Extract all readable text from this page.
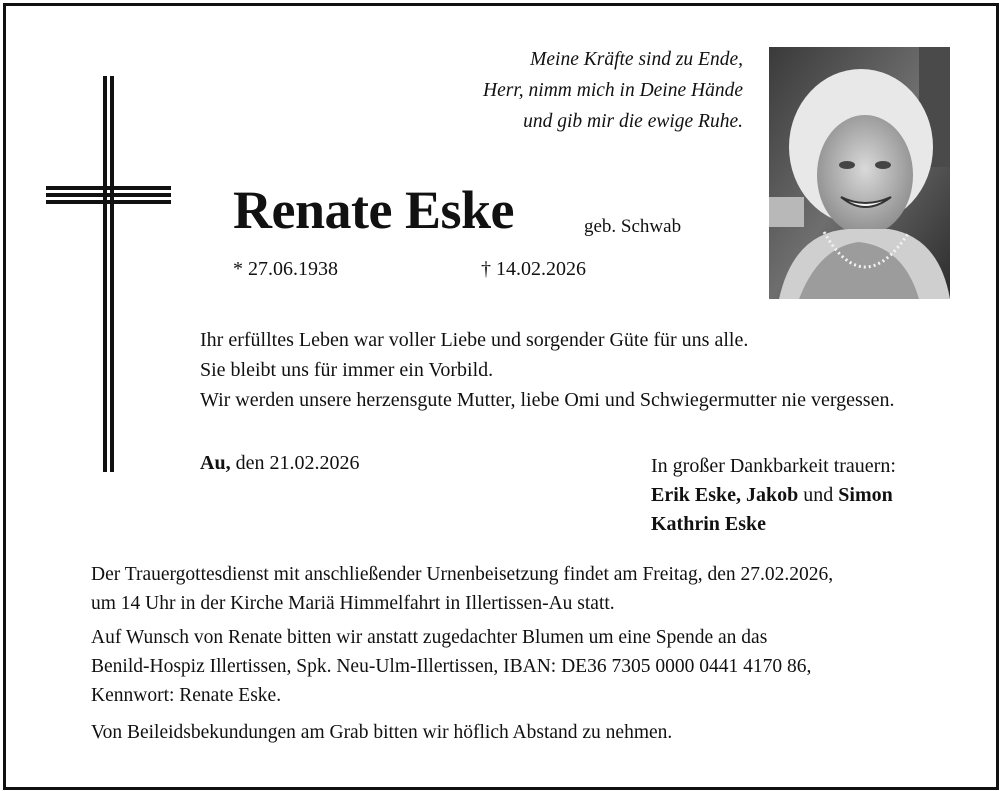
Meine Kräfte sind zu Ende,
Herr, nimm mich in Deine Hände
und gib mir die ewige Ruhe.
Renate Eske	geb. Schwab
* 27.06.1938	† 14.02.2026
Ihr erfülltes Leben war voller Liebe und sorgender Güte für uns alle.
Sie bleibt uns für immer ein Vorbild.
Wir werden unsere herzensgute Mutter, liebe Omi und Schwiegermutter nie vergessen.
Au, den 21.02.2026	In großer Dankbarkeit trauern:
Erik Eske, Jakob und Simon
Kathrin Eske
Der Trauergottesdienst mit anschließender Urnenbeisetzung findet am Freitag, den 27.02.2026,
um 14 Uhr in der Kirche Mariä Himmelfahrt in Illertissen-Au statt.
Auf Wunsch von Renate bitten wir anstatt zugedachter Blumen um eine Spende an das
Benild-Hospiz Illertissen, Spk. Neu-Ulm-Illertissen, IBAN: DE36 7305 0000 0441 4170 86,
Kennwort: Renate Eske.
Von Beileidsbekundungen am Grab bitten wir höflich Abstand zu nehmen.
